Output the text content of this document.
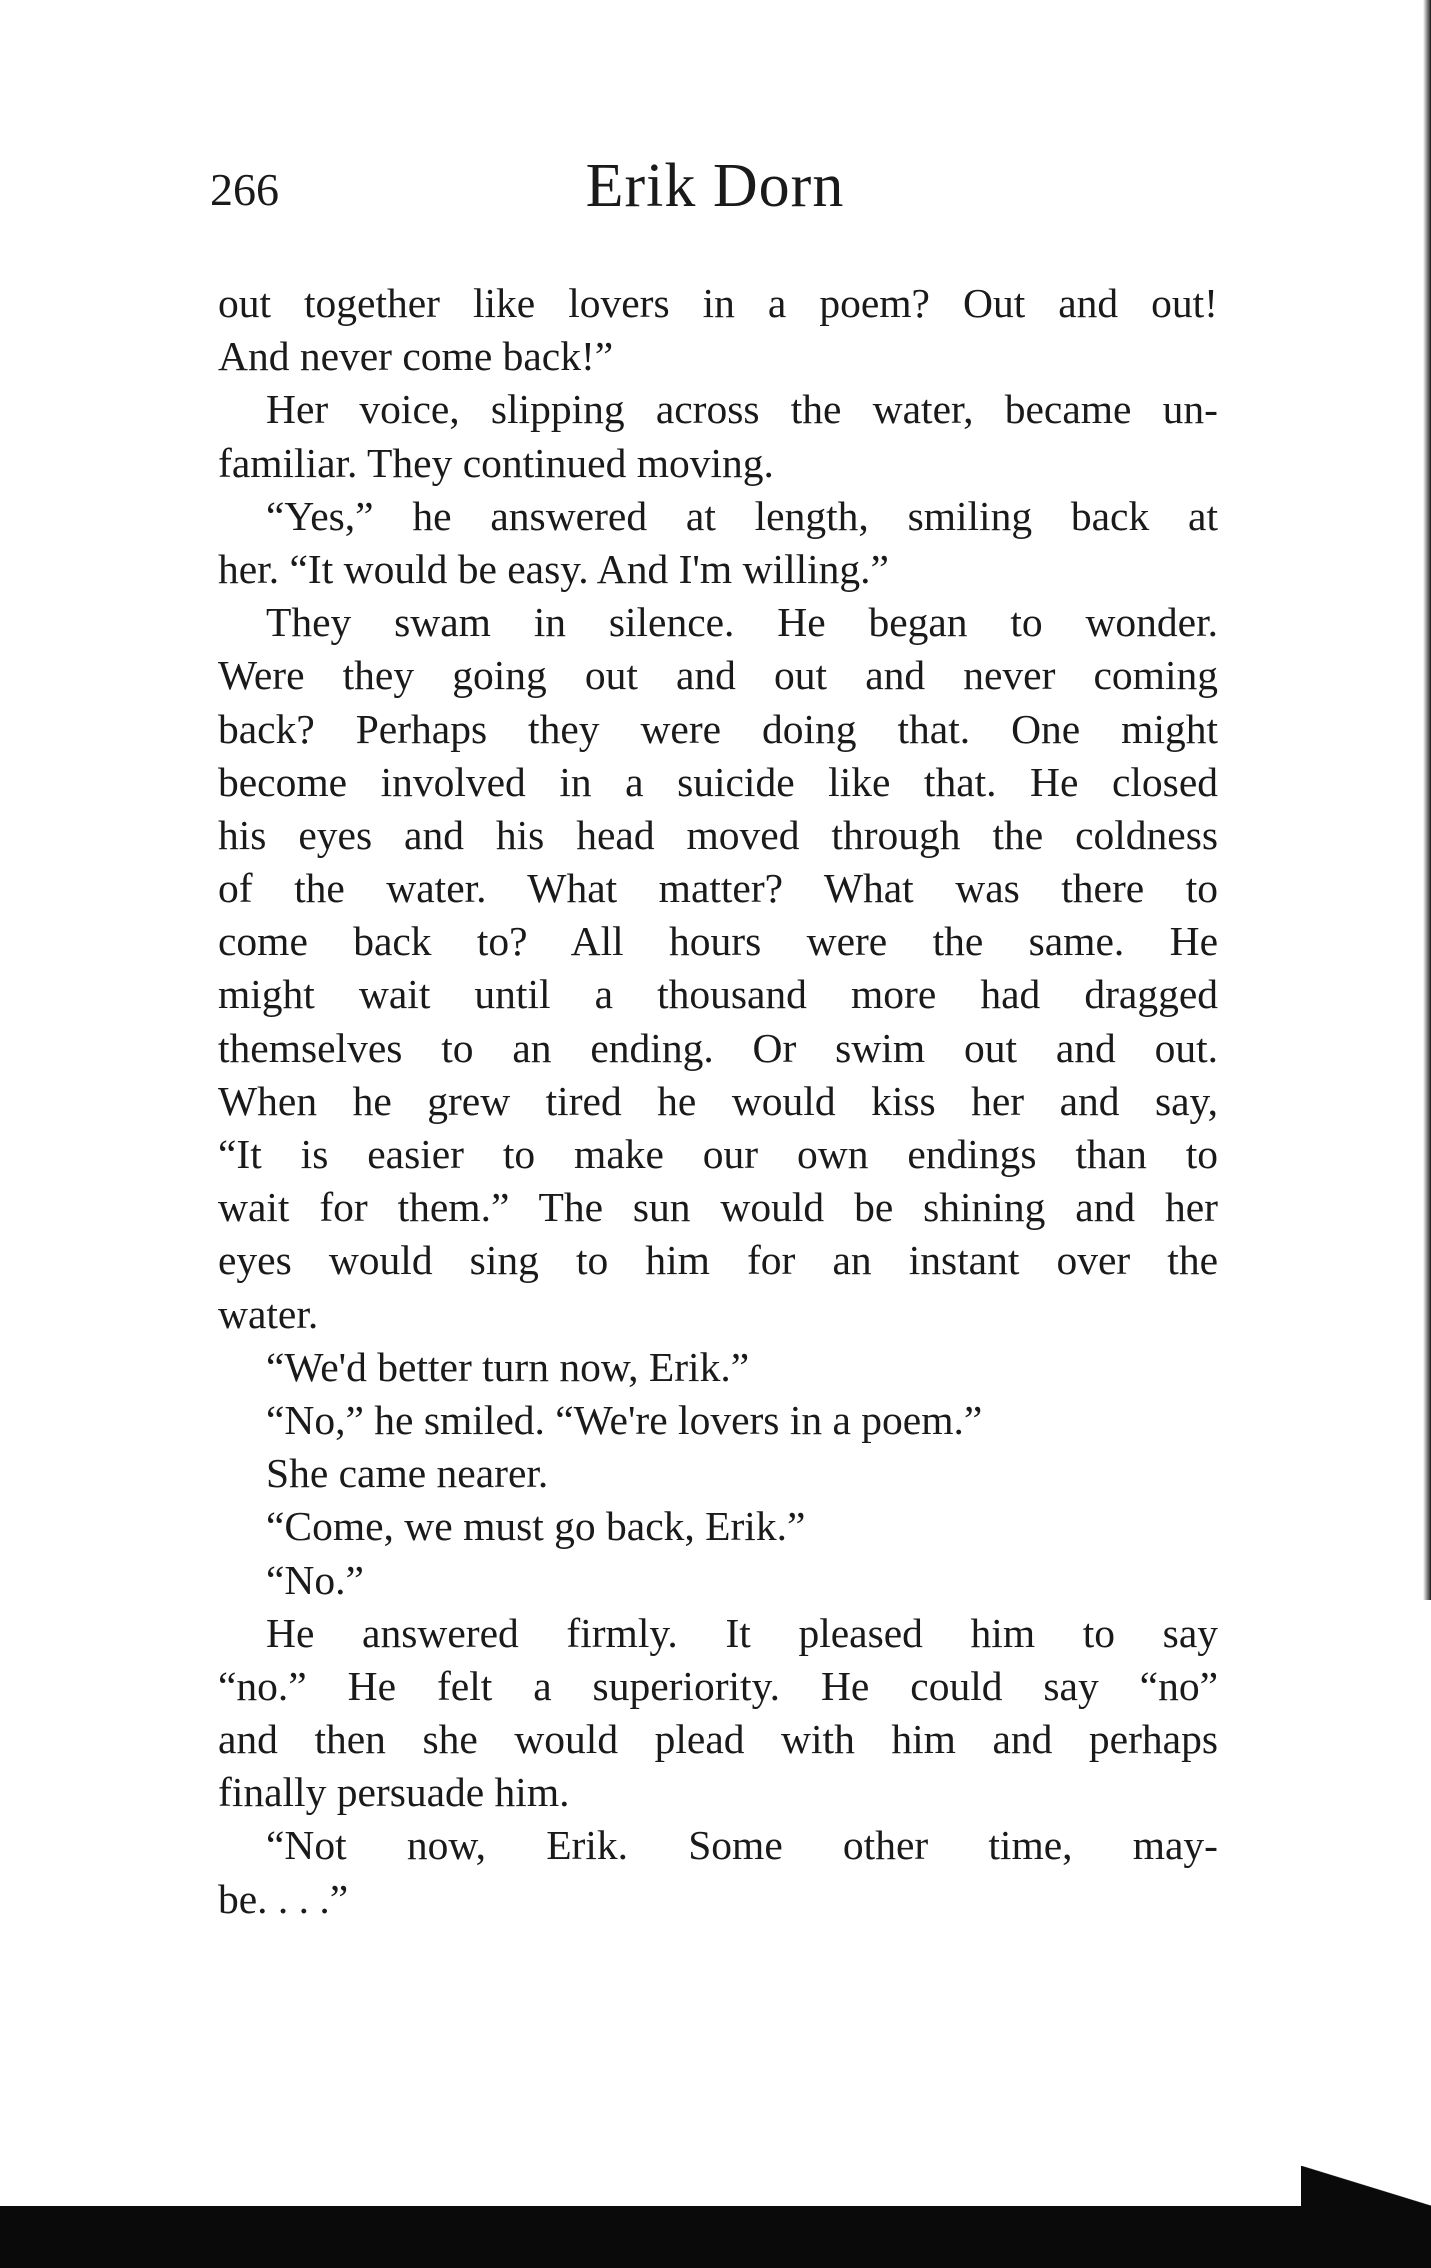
266	Erik Dorn
out together like lovers in a poem? Out and out!
And never come back!”
Her voice, slipping across the water, became un-
familiar. They continued moving.
“Yes,” he answered at length, smiling back at
her. “It would be easy. And I'm willing.”
They swam in silence. He began to wonder.
Were they going out and out and never coming
back? Perhaps they were doing that. One might
become involved in a suicide like that. He closed
his eyes and his head moved through the coldness
of the water. What matter? What was there to
come back to? All hours were the same. He
might wait until a thousand more had dragged
themselves to an ending. Or swim out and out.
When he grew tired he would kiss her and say,
“It is easier to make our own endings than to
wait for them.” The sun would be shining and her
eyes would sing to him for an instant over the
water.
“We'd better turn now, Erik.”
“No,” he smiled. “We're lovers in a poem.”
She came nearer.
“Come, we must go back, Erik.”
“No.”
He answered firmly. It pleased him to say
“no.” He felt a superiority. He could say “no”
and then she would plead with him and perhaps
finally persuade him.
“Not now, Erik. Some other time, may-
be. . . .”
